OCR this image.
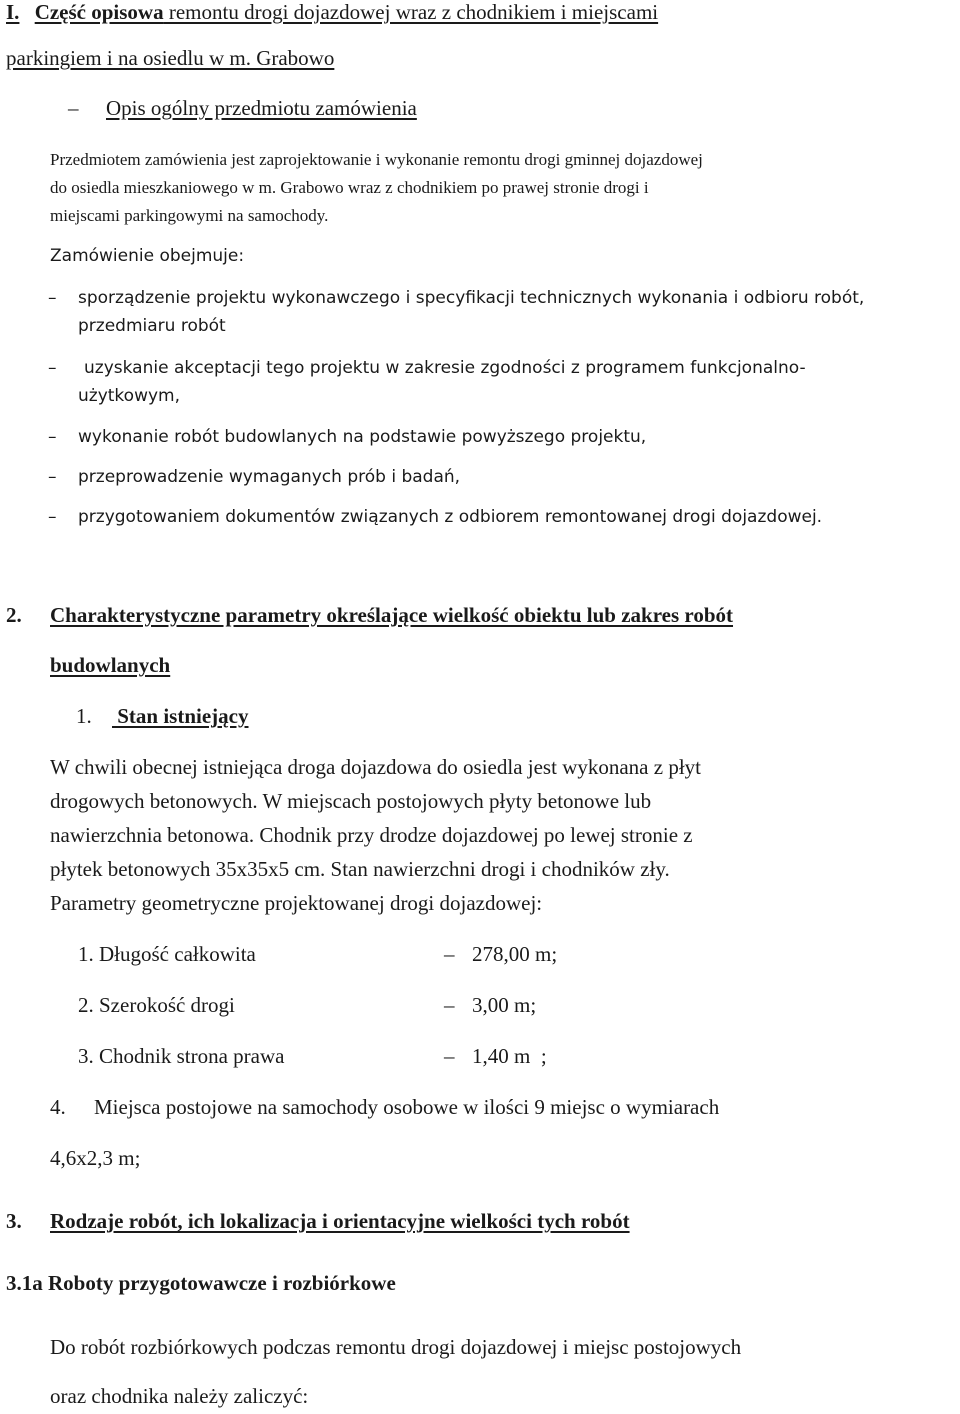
I. Część opisowa remontu drogi dojazdowej wraz z chodnikiem i miejscami
parkingiem i na osiedlu w m. Grabowo
– Opis ogólny przedmiotu zamówienia
Przedmiotem zamówienia jest zaprojektowanie i wykonanie remontu drogi gminnej dojazdowej
do osiedla mieszkaniowego w m. Grabowo wraz z chodnikiem po prawej stronie drogi i
miejscami parkingowymi na samochody.
Zamówienie obejmuje:
– sporządzenie projektu wykonawczego i specyfikacji technicznych wykonania i odbioru robót,
przedmiaru robót
– uzyskanie akceptacji tego projektu w zakresie zgodności z programem funkcjonalno-
użytkowym,
– wykonanie robót budowlanych na podstawie powyższego projektu,
– przeprowadzenie wymaganych prób i badań,
– przygotowaniem dokumentów związanych z odbiorem remontowanej drogi dojazdowej.
2. Charakterystyczne parametry określające wielkość obiektu lub zakres robót
budowlanych
1. Stan istniejący
W chwili obecnej istniejąca droga dojazdowa do osiedla jest wykonana z płyt
drogowych betonowych. W miejscach postojowych płyty betonowe lub
nawierzchnia betonowa. Chodnik przy drodze dojazdowej po lewej stronie z
płytek betonowych 35x35x5 cm. Stan nawierzchni drogi i chodników zły.
Parametry geometryczne projektowanej drogi dojazdowej:
1. Długość całkowita	– 278,00 m;
2. Szerokość drogi	– 3,00 m;
3. Chodnik strona prawa	– 1,40 m  ;
4. Miejsca postojowe na samochody osobowe w ilości 9 miejsc o wymiarach
4,6x2,3 m;
3. Rodzaje robót, ich lokalizacja i orientacyjne wielkości tych robót
3.1a Roboty przygotowawcze i rozbiórkowe
Do robót rozbiórkowych podczas remontu drogi dojazdowej i miejsc postojowych
oraz chodnika należy zaliczyć:
